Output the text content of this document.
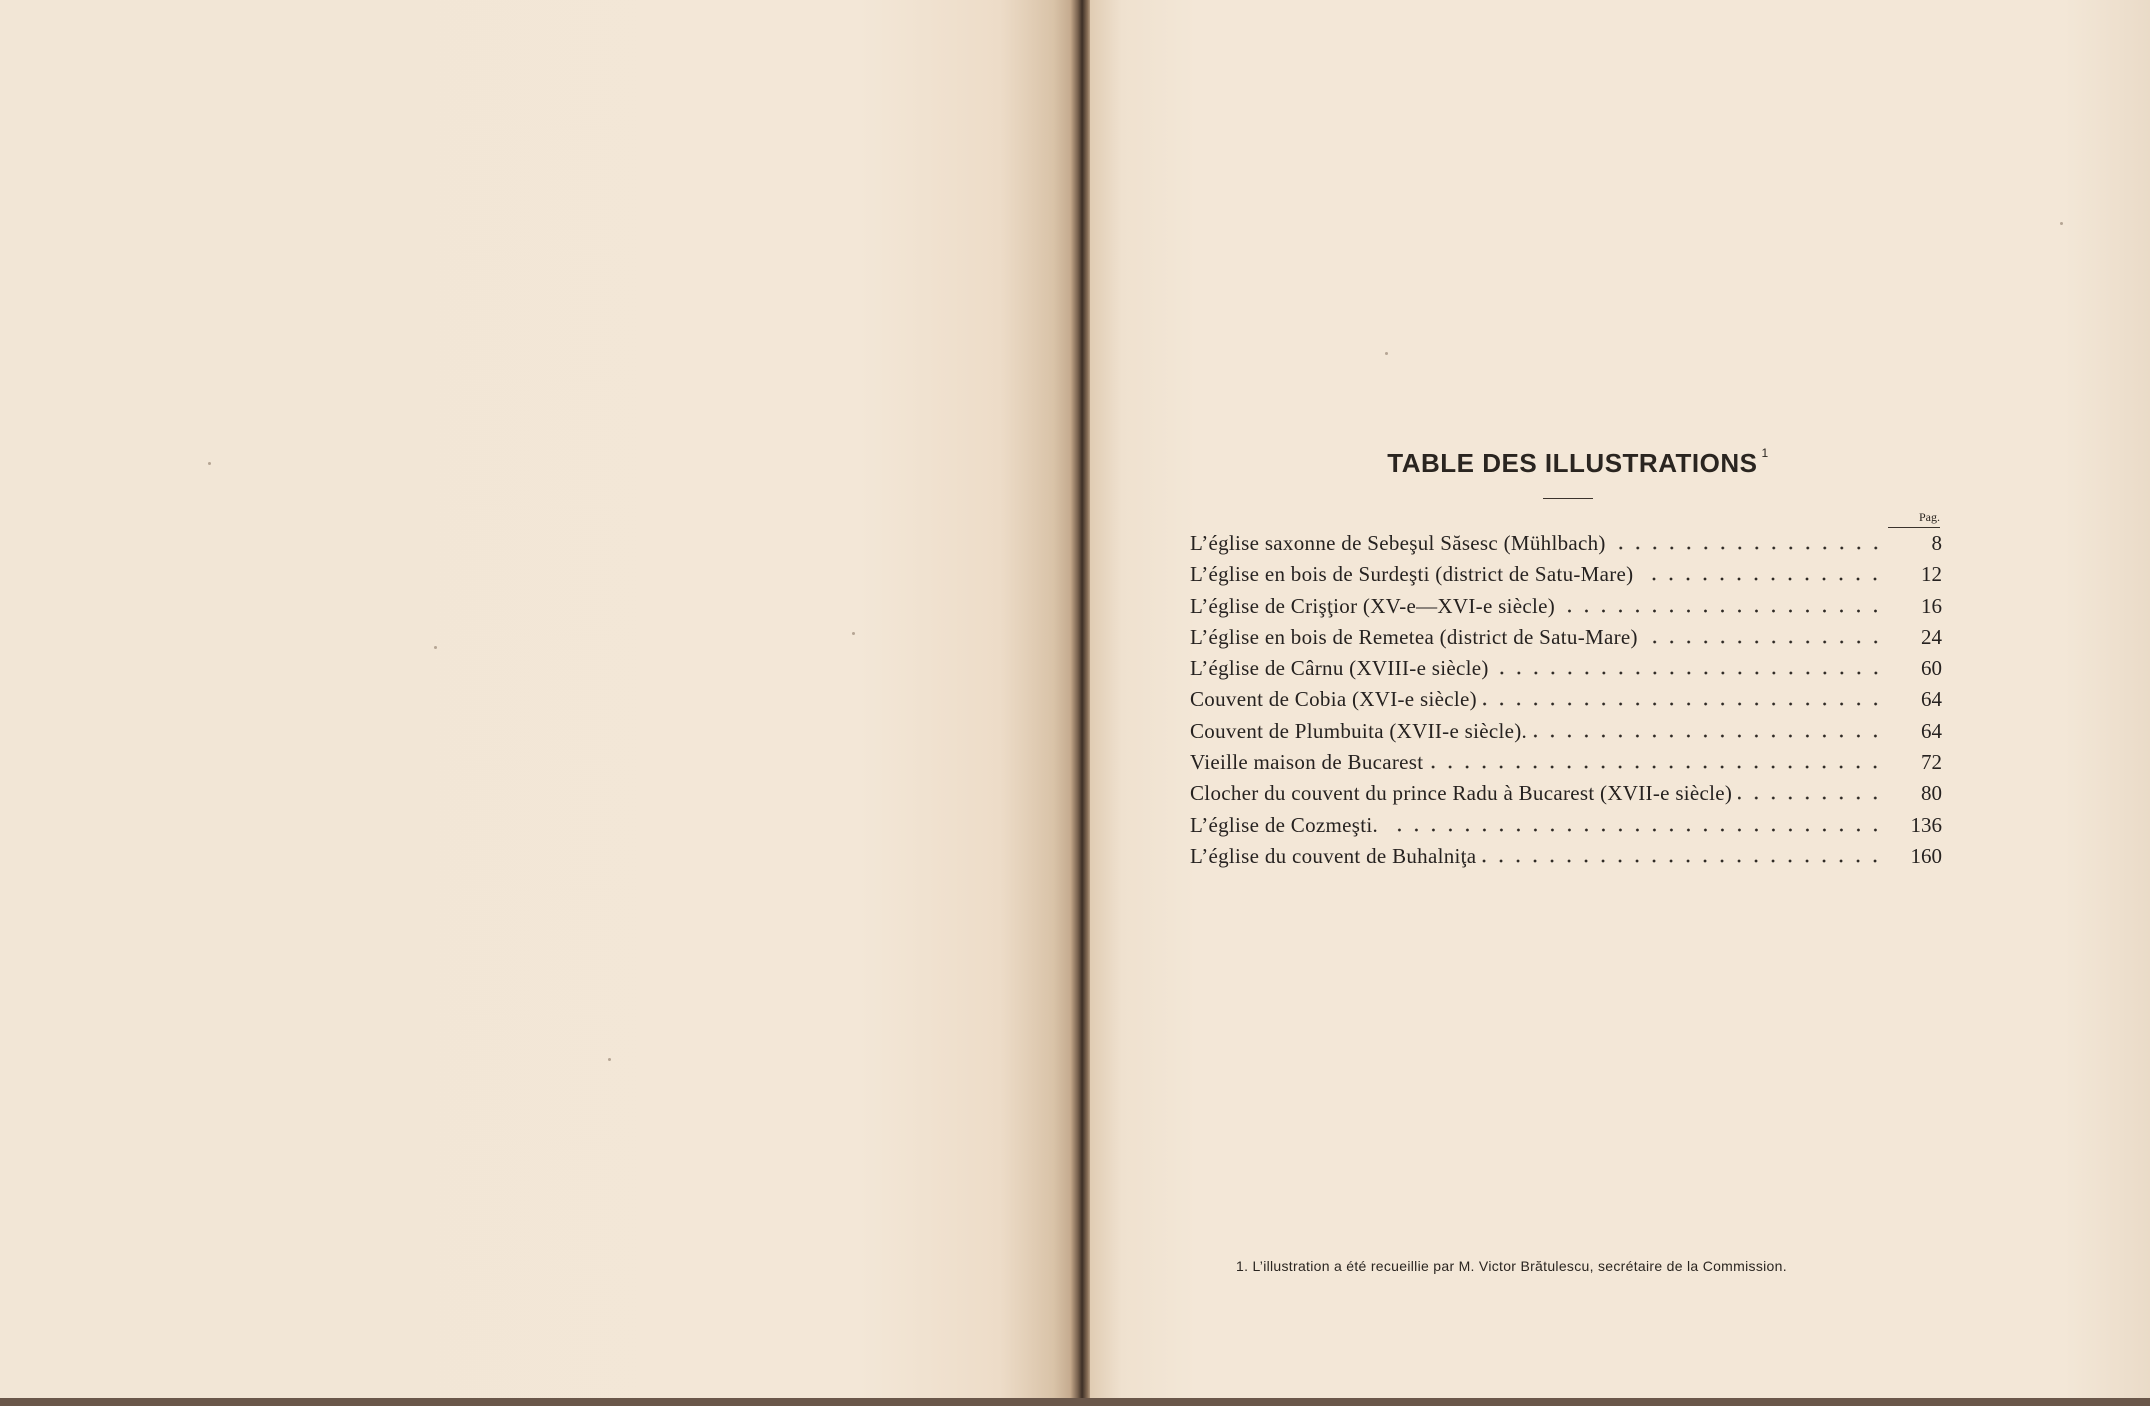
TABLE DES ILLUSTRATIONS $^1$
Pag.
L’église saxonne de Sebeşul Săsesc (Mühlbach)	8
L’église en bois de Surdeşti (district de Satu-Mare)	12
L’église de Crişţior (XV-e—XVI-e siècle)	16
L’église en bois de Remetea (district de Satu-Mare)	24
L’église de Cârnu (XVIII-e siècle)	60
Couvent de Cobia (XVI-e siècle)	64
Couvent de Plumbuita (XVII-e siècle).	64
Vieille maison de Bucarest	72
Clocher du couvent du prince Radu à Bucarest (XVII-e siècle)	80
L’église de Cozmeşti.	136
L’église du couvent de Buhalniţa	160
1. L’illustration a été recueillie par M. Victor Brătulescu, secrétaire de la Commission.
